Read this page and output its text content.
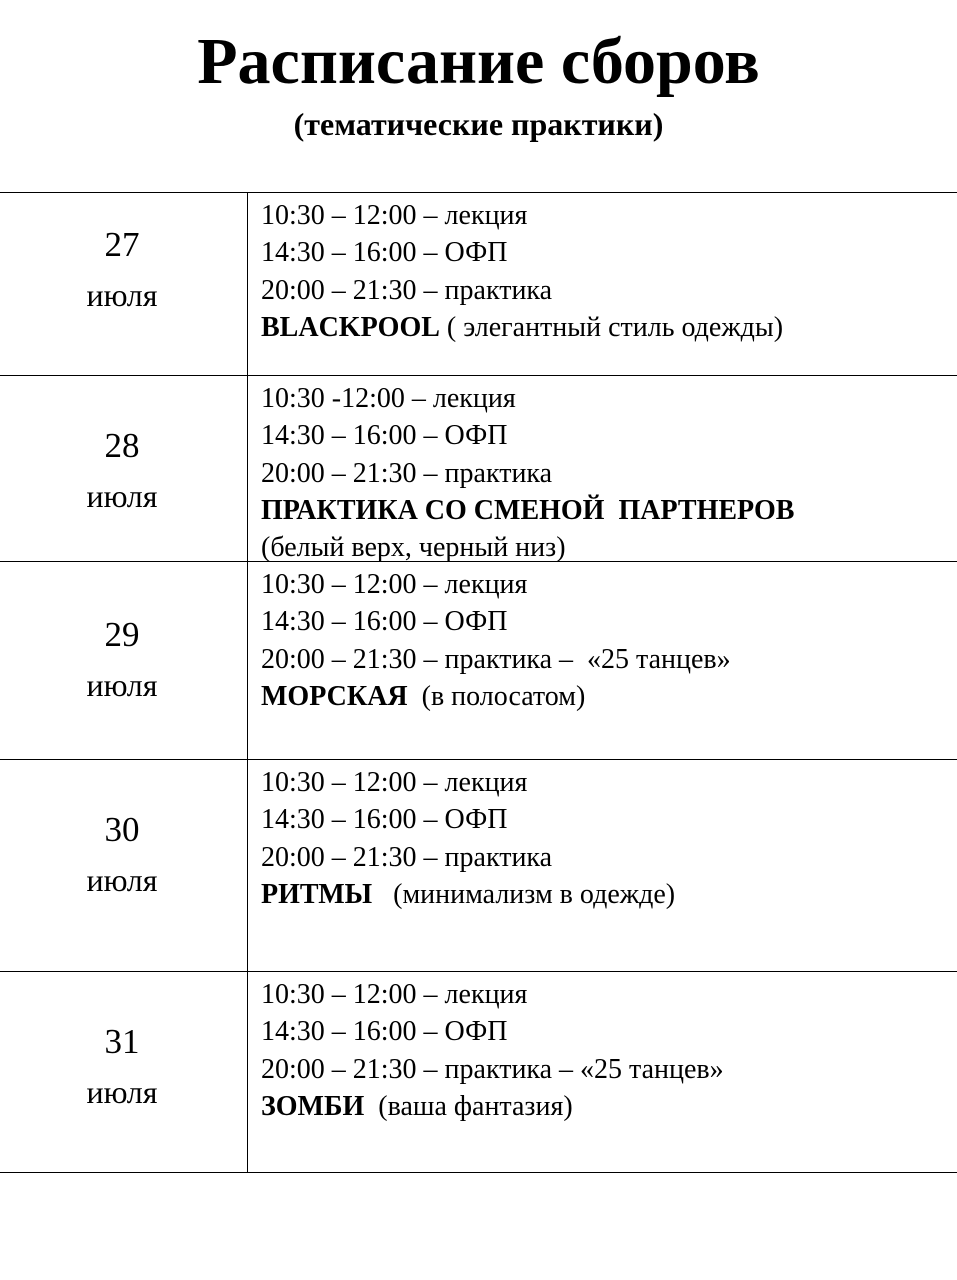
Расписание сборов
(тематические практики)
27
июля
10:30 – 12:00 – лекция
14:30 – 16:00 – ОФП
20:00 – 21:30 – практика
BLACKPOOL ( элегантный стиль одежды)
28
июля
10:30 -12:00 – лекция
14:30 – 16:00 – ОФП
20:00 – 21:30 – практика
ПРАКТИКА СО СМЕНОЙ  ПАРТНЕРОВ
(белый верх, черный низ)
29
июля
10:30 – 12:00 – лекция
14:30 – 16:00 – ОФП
20:00 – 21:30 – практика –  «25 танцев»
МОРСКАЯ (в полосатом)
30
июля
10:30 – 12:00 – лекция
14:30 – 16:00 – ОФП
20:00 – 21:30 – практика
РИТМЫ (минимализм в одежде)
31
июля
10:30 – 12:00 – лекция
14:30 – 16:00 – ОФП
20:00 – 21:30 – практика – «25 танцев»
ЗОМБИ (ваша фантазия)
